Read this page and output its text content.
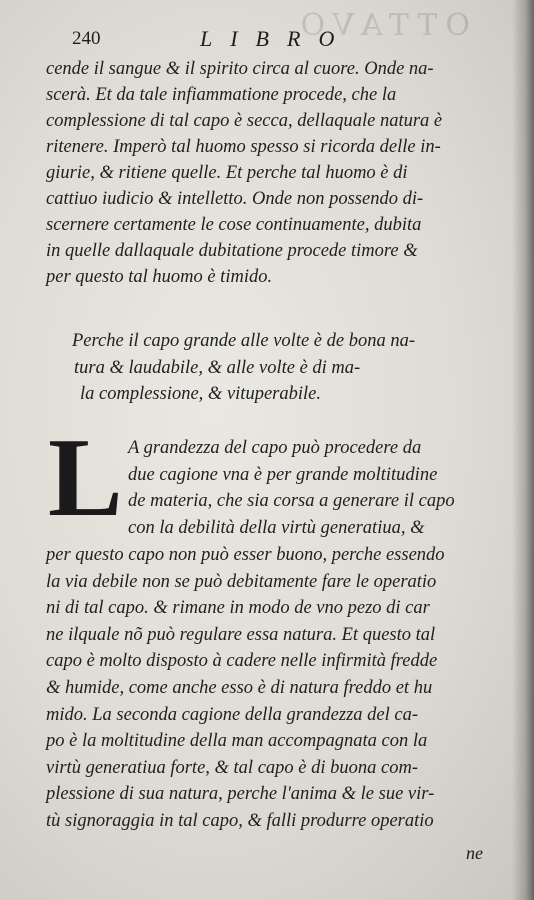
OTTAVO
240	LIBRO
cende il sangue & il spirito circa al cuore. Onde na-
scerà. Et da tale infiammatione procede, che la
complessione di tal capo è secca, dellaquale natura è
ritenere. Imperò tal huomo spesso si ricorda delle in-
giurie, & ritiene quelle. Et perche tal huomo è di
cattiuo iudicio & intelletto. Onde non possendo di-
scernere certamente le cose continuamente, dubita
in quelle dallaquale dubitatione procede timore &
per questo tal huomo è timido.
Perche il capo grande alle volte è de bona na-
tura & laudabile, & alle volte è di ma-
la complessione, & vituperabile.
L A grandezza del capo può procedere da
due cagione vna è per grande moltitudine
de materia, che sia corsa a generare il capo
con la debilità della virtù generatiua, &
per questo capo non può esser buono, perche essendo
la via debile non se può debitamente fare le operatio
ni di tal capo. & rimane in modo de vno pezo di car
ne ilquale nõ può regulare essa natura. Et questo tal
capo è molto disposto à cadere nelle infirmità fredde
& humide, come anche esso è di natura freddo et hu
mido. La seconda cagione della grandezza del ca-
po è la moltitudine della man accompagnata con la
virtù generatiua forte, & tal capo è di buona com-
plessione di sua natura, perche l'anima & le sue vir-
tù signoraggia in tal capo, & falli produrre operatio
ne
